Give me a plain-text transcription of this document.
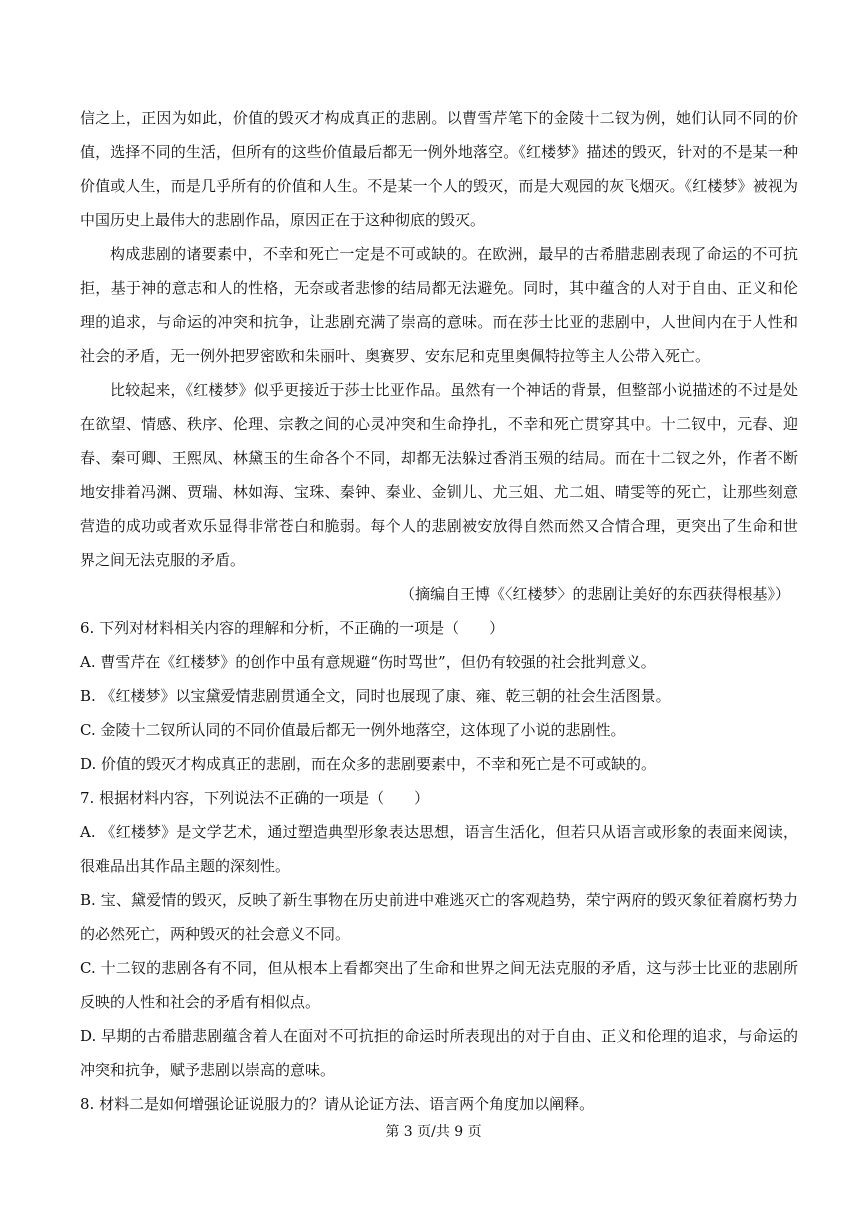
信之上，正因为如此，价值的毁灭才构成真正的悲剧。以曹雪芹笔下的金陵十二钗为例，她们认同不同的价值，选择不同的生活，但所有的这些价值最后都无一例外地落空。《红楼梦》描述的毁灭，针对的不是某一种价值或人生，而是几乎所有的价值和人生。不是某一个人的毁灭，而是大观园的灰飞烟灭。《红楼梦》被视为中国历史上最伟大的悲剧作品，原因正在于这种彻底的毁灭。

构成悲剧的诸要素中，不幸和死亡一定是不可或缺的。在欧洲，最早的古希腊悲剧表现了命运的不可抗拒，基于神的意志和人的性格，无奈或者悲惨的结局都无法避免。同时，其中蕴含的人对于自由、正义和伦理的追求，与命运的冲突和抗争，让悲剧充满了崇高的意味。而在莎士比亚的悲剧中，人世间内在于人性和社会的矛盾，无一例外把罗密欧和朱丽叶、奥赛罗、安东尼和克里奥佩特拉等主人公带入死亡。

比较起来，《红楼梦》似乎更接近于莎士比亚作品。虽然有一个神话的背景，但整部小说描述的不过是处在欲望、情感、秩序、伦理、宗教之间的心灵冲突和生命挣扎，不幸和死亡贯穿其中。十二钗中，元春、迎春、秦可卿、王熙凤、林黛玉的生命各个不同，却都无法躲过香消玉殒的结局。而在十二钗之外，作者不断地安排着冯渊、贾瑞、林如海、宝珠、秦钟、秦业、金钏儿、尤三姐、尤二姐、晴雯等的死亡，让那些刻意营造的成功或者欢乐显得非常苍白和脆弱。每个人的悲剧被安放得自然而然又合情合理，更突出了生命和世界之间无法克服的矛盾。

（摘编自王博《〈红楼梦〉的悲剧让美好的东西获得根基》）

6. 下列对材料相关内容的理解和分析，不正确的一项是（　　）

A. 曹雪芹在《红楼梦》的创作中虽有意规避“伤时骂世”，但仍有较强的社会批判意义。

B. 《红楼梦》以宝黛爱情悲剧贯通全文，同时也展现了康、雍、乾三朝的社会生活图景。

C. 金陵十二钗所认同的不同价值最后都无一例外地落空，这体现了小说的悲剧性。

D. 价值的毁灭才构成真正的悲剧，而在众多的悲剧要素中，不幸和死亡是不可或缺的。

7. 根据材料内容，下列说法不正确的一项是（　　）

A. 《红楼梦》是文学艺术，通过塑造典型形象表达思想，语言生活化，但若只从语言或形象的表面来阅读，很难品出其作品主题的深刻性。

B. 宝、黛爱情的毁灭，反映了新生事物在历史前进中难逃灭亡的客观趋势，荣宁两府的毁灭象征着腐朽势力的必然死亡，两种毁灭的社会意义不同。

C. 十二钗的悲剧各有不同，但从根本上看都突出了生命和世界之间无法克服的矛盾，这与莎士比亚的悲剧所反映的人性和社会的矛盾有相似点。

D. 早期的古希腊悲剧蕴含着人在面对不可抗拒的命运时所表现出的对于自由、正义和伦理的追求，与命运的冲突和抗争，赋予悲剧以崇高的意味。

8. 材料二是如何增强论证说服力的？请从论证方法、语言两个角度加以阐释。

第 3 页/共 9 页
